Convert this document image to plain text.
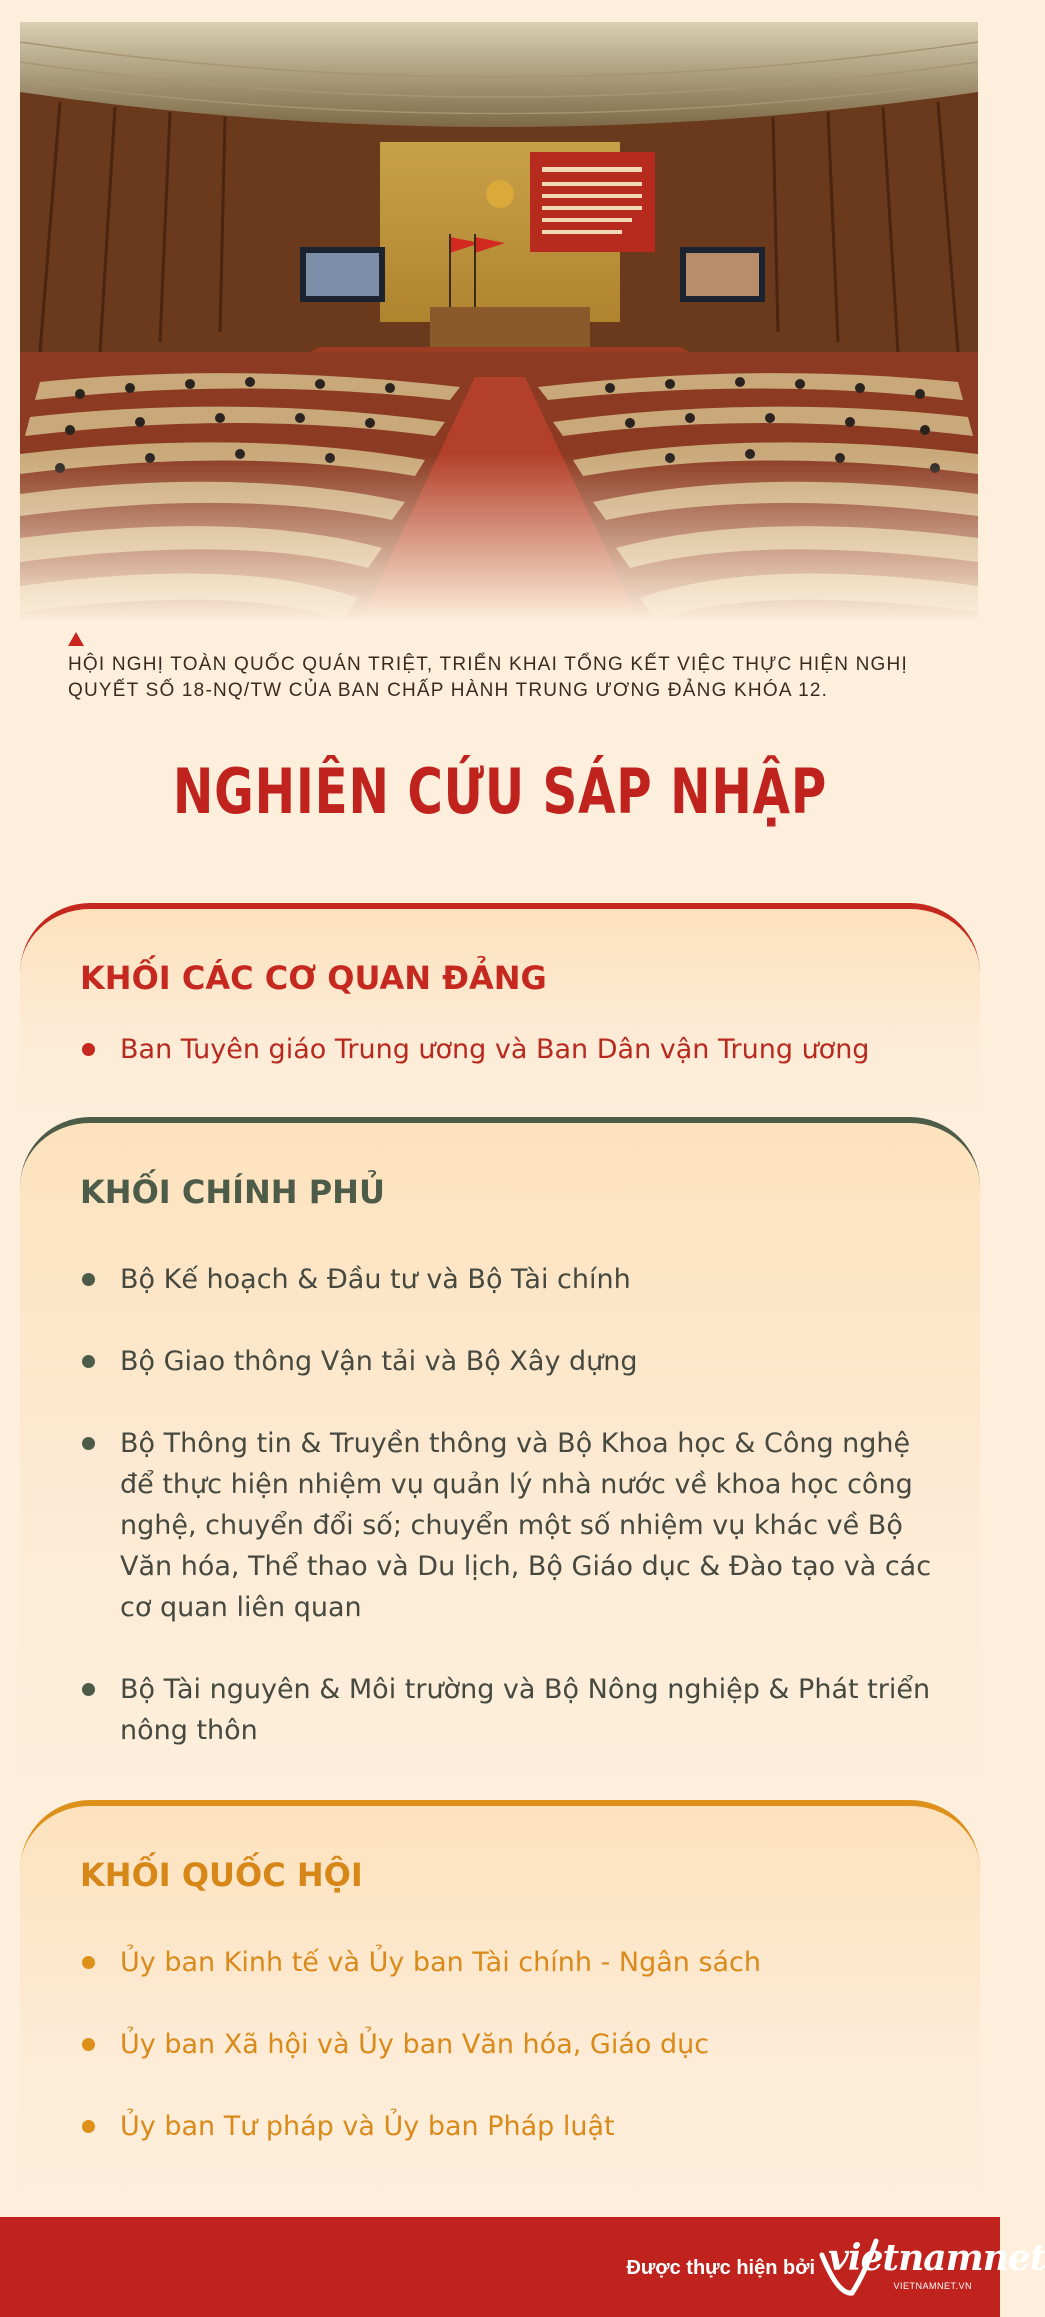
HỘI NGHỊ TOÀN QUỐC QUÁN TRIỆT, TRIỂN KHAI TỔNG KẾT VIỆC THỰC HIỆN NGHỊ QUYẾT SỐ 18-NQ/TW CỦA BAN CHẤP HÀNH TRUNG ƯƠNG ĐẢNG KHÓA 12.
NGHIÊN CỨU SÁP NHẬP
KHỐI CÁC CƠ QUAN ĐẢNG
Ban Tuyên giáo Trung ương và Ban Dân vận Trung ương
KHỐI CHÍNH PHỦ
Bộ Kế hoạch & Đầu tư và Bộ Tài chính
Bộ Giao thông Vận tải và Bộ Xây dựng
Bộ Thông tin & Truyền thông và Bộ Khoa học & Công nghệ để thực hiện nhiệm vụ quản lý nhà nước về khoa học công nghệ, chuyển đổi số; chuyển một số nhiệm vụ khác về Bộ Văn hóa, Thể thao và Du lịch, Bộ Giáo dục & Đào tạo và các cơ quan liên quan
Bộ Tài nguyên & Môi trường và Bộ Nông nghiệp & Phát triển nông thôn
KHỐI QUỐC HỘI
Ủy ban Kinh tế và Ủy ban Tài chính - Ngân sách
Ủy ban Xã hội và Ủy ban Văn hóa, Giáo dục
Ủy ban Tư pháp và Ủy ban Pháp luật
Được thực hiện bởi vietnamnet
VIETNAMNET.VN
